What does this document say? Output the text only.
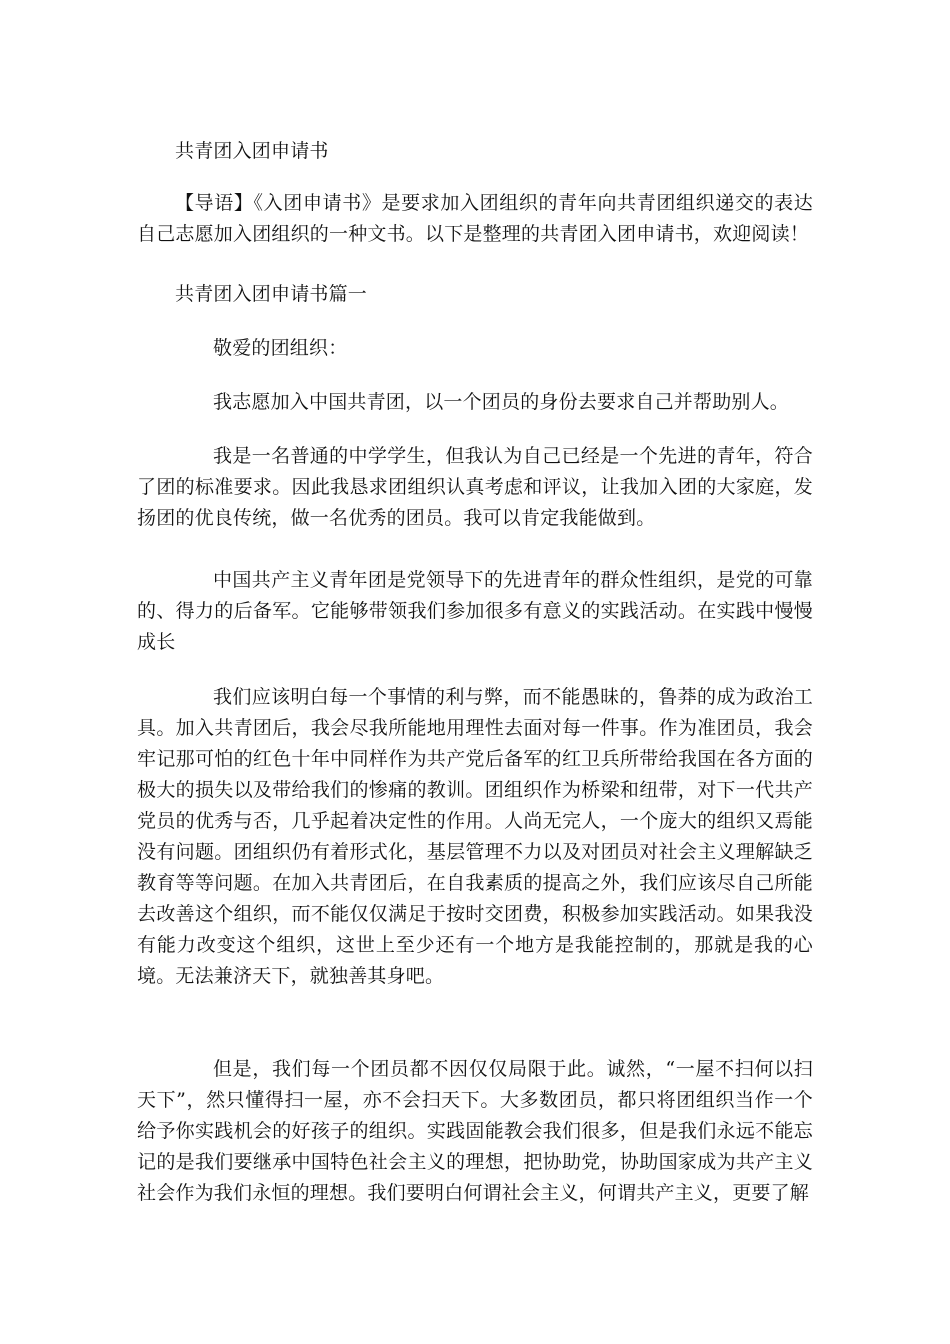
共青团入团申请书

【导语】《入团申请书》是要求加入团组织的青年向共青团组织递交的表达自己志愿加入团组织的一种文书。以下是整理的共青团入团申请书，欢迎阅读！

共青团入团申请书篇一

敬爱的团组织：

我志愿加入中国共青团，以一个团员的身份去要求自己并帮助别人。

我是一名普通的中学学生，但我认为自己已经是一个先进的青年，符合了团的标准要求。因此我恳求团组织认真考虑和评议，让我加入团的大家庭，发扬团的优良传统，做一名优秀的团员。我可以肯定我能做到。

中国共产主义青年团是党领导下的先进青年的群众性组织，是党的可靠的、得力的后备军。它能够带领我们参加很多有意义的实践活动。在实践中慢慢成长

我们应该明白每一个事情的利与弊，而不能愚昧的，鲁莽的成为政治工具。加入共青团后，我会尽我所能地用理性去面对每一件事。作为准团员，我会牢记那可怕的红色十年中同样作为共产党后备军的红卫兵所带给我国在各方面的极大的损失以及带给我们的惨痛的教训。团组织作为桥梁和纽带，对下一代共产党员的优秀与否，几乎起着决定性的作用。人尚无完人，一个庞大的组织又焉能没有问题。团组织仍有着形式化，基层管理不力以及对团员对社会主义理解缺乏教育等等问题。在加入共青团后，在自我素质的提高之外，我们应该尽自己所能去改善这个组织，而不能仅仅满足于按时交团费，积极参加实践活动。如果我没有能力改变这个组织，这世上至少还有一个地方是我能控制的，那就是我的心境。无法兼济天下，就独善其身吧。

但是，我们每一个团员都不因仅仅局限于此。诚然，“一屋不扫何以扫天下”，然只懂得扫一屋，亦不会扫天下。大多数团员，都只将团组织当作一个给予你实践机会的好孩子的组织。实践固能教会我们很多，但是我们永远不能忘记的是我们要继承中国特色社会主义的理想，把协助党，协助国家成为共产主义社会作为我们永恒的理想。我们要明白何谓社会主义，何谓共产主义，更要了解
